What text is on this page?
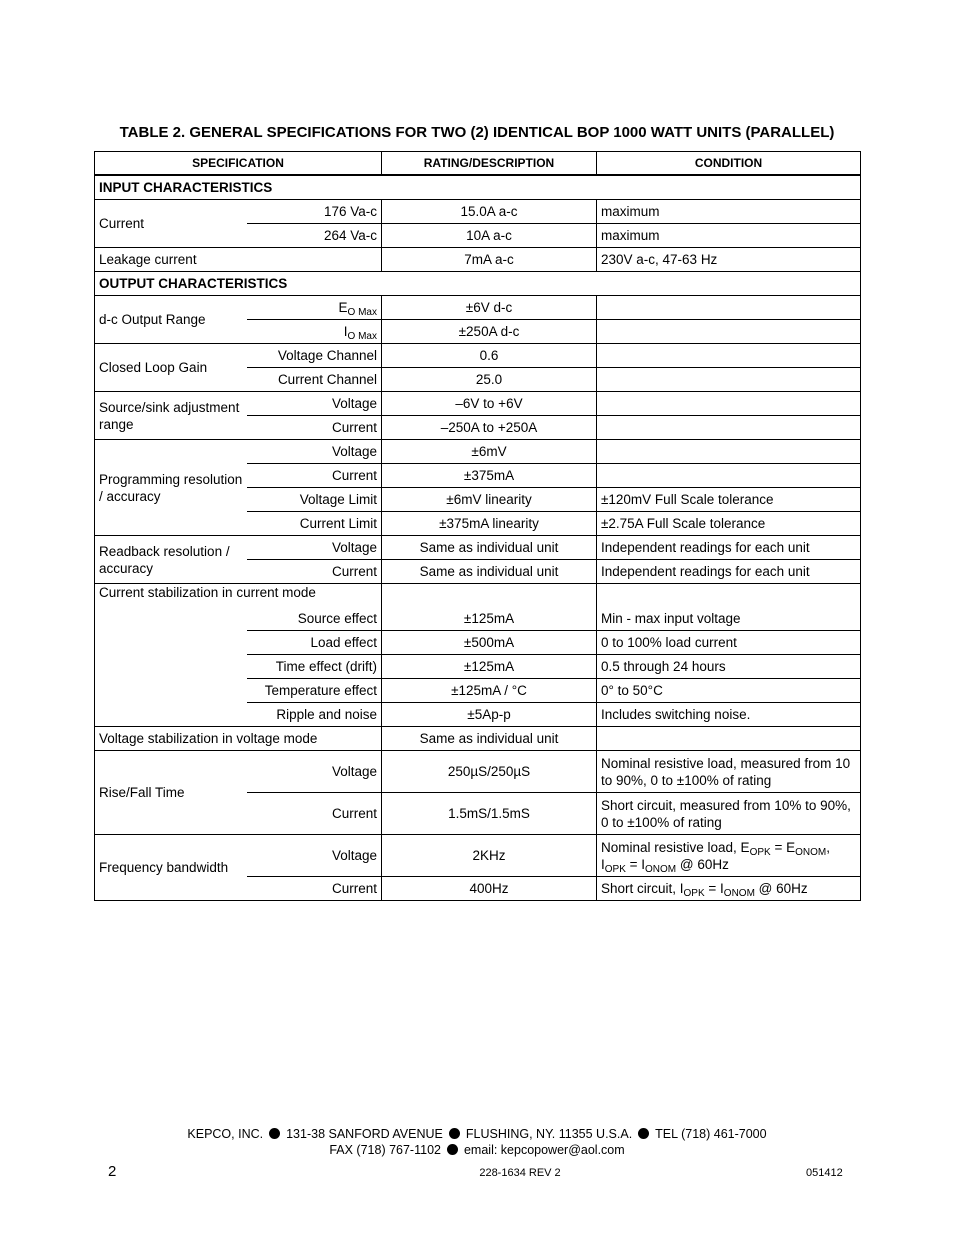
TABLE 2. GENERAL SPECIFICATIONS FOR TWO (2) IDENTICAL BOP 1000 WATT UNITS (PARALLEL)
SPECIFICATION		RATING/DESCRIPTION	CONDITION
INPUT CHARACTERISTICS			
Current	176 Va-c	15.0A a-c	maximum
	264 Va-c	10A a-c	maximum
Leakage current		7mA a-c	230V a-c, 47-63 Hz
OUTPUT CHARACTERISTICS			
d-c Output Range	$E_{O Max}$	±6V d-c	
	$I_{O Max}$	±250A d-c	
Closed Loop Gain	Voltage Channel	0.6	
	Current Channel	25.0	
Source/sink adjustment range	Voltage	–6V to +6V	
	Current	–250A to +250A	
Programming resolution / accuracy	Voltage	±6mV	
	Current	±375mA	
	Voltage Limit	±6mV linearity	±120mV Full Scale tolerance
	Current Limit	±375mA linearity	±2.75A Full Scale tolerance
Readback resolution / accuracy	Voltage	Same as individual unit	Independent readings for each unit
	Current	Same as individual unit	Independent readings for each unit
Current stabilization in current mode			
	Source effect	±125mA	Min - max input voltage
	Load effect	±500mA	0 to 100% load current
	Time effect (drift)	±125mA	0.5 through 24 hours
	Temperature effect	±125mA / °C	0° to 50°C
	Ripple and noise	±5Ap-p	Includes switching noise.
Voltage stabilization in voltage mode		Same as individual unit	
Rise/Fall Time	Voltage	250µS/250µS	Nominal resistive load, measured from 10 to 90%, 0 to ±100% of rating
	Current	1.5mS/1.5mS	Short circuit, measured from 10% to 90%, 0 to ±100% of rating
Frequency bandwidth	Voltage	2KHz	Nominal resistive load, $E_{OPK} = E_{ONOM}$,
$I_{OPK} = I_{ONOM}$ @ 60Hz
	Current	400Hz	Short circuit, $I_{OPK} = I_{ONOM}$ @ 60Hz
KEPCO, INC. 131-38 SANFORD AVENUE FLUSHING, NY. 11355 U.S.A. TEL (718) 461-7000
FAX (718) 767-1102 email: kepcopower@aol.com
2	228-1634 REV 2	051412
